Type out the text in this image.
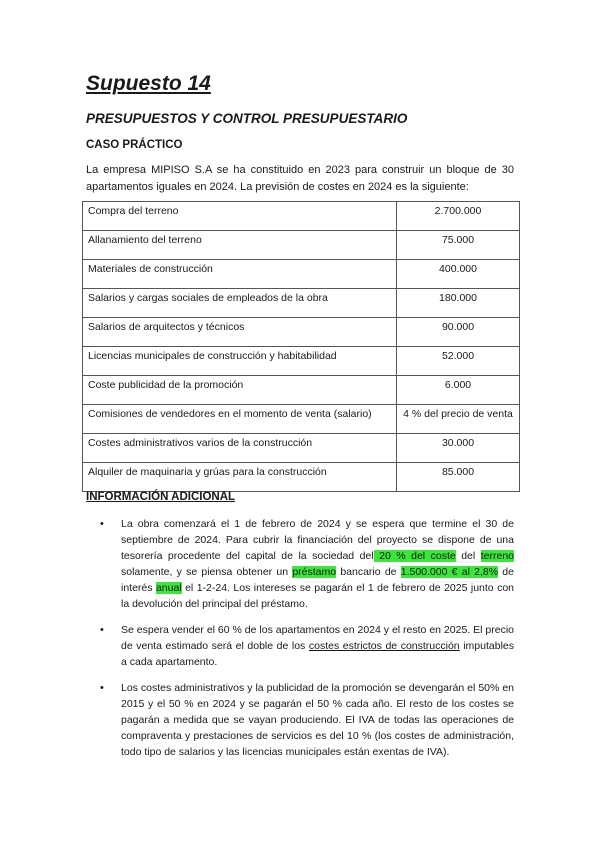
Supuesto 14
PRESUPUESTOS Y CONTROL PRESUPUESTARIO
CASO PRÁCTICO

La empresa MIPISO S.A se ha constituido en 2023 para construir un bloque de 30 apartamentos iguales en 2024. La previsión de costes en 2024 es la siguiente:

Compra del terreno	2.700.000
Allanamiento del terreno	75.000
Materiales de construcción	400.000
Salarios y cargas sociales de empleados de la obra	180.000
Salarios de arquitectos y técnicos	90.000
Licencias municipales de construcción y habitabilidad	52.000
Coste publicidad de la promoción	6.000
Comisiones de vendedores en el momento de venta (salario)	4 % del precio de venta
Costes administrativos varios de la construcción	30.000
Alquiler de maquinaria y grúas para la construcción	85.000
INFORMACIÓN ADICIONAL
• La obra comenzará el 1 de febrero de 2024 y se espera que termine el 30 de septiembre de 2024. Para cubrir la financiación del proyecto se dispone de una tesorería procedente del capital de la sociedad del 20 % del coste del terreno solamente, y se piensa obtener un préstamo bancario de 1.500.000 € al 2,8% de interés anual el 1-2-24. Los intereses se pagarán el 1 de febrero de 2025 junto con la devolución del principal del préstamo.

• Se espera vender el 60 % de los apartamentos en 2024 y el resto en 2025. El precio de venta estimado será el doble de los costes estrictos de construcción imputables a cada apartamento.

• Los costes administrativos y la publicidad de la promoción se devengarán el 50% en 2015 y el 50 % en 2024 y se pagarán el 50 % cada año. El resto de los costes se pagarán a medida que se vayan produciendo. El IVA de todas las operaciones de compraventa y prestaciones de servicios es del 10 % (los costes de administración, todo tipo de salarios y las licencias municipales están exentas de IVA).
